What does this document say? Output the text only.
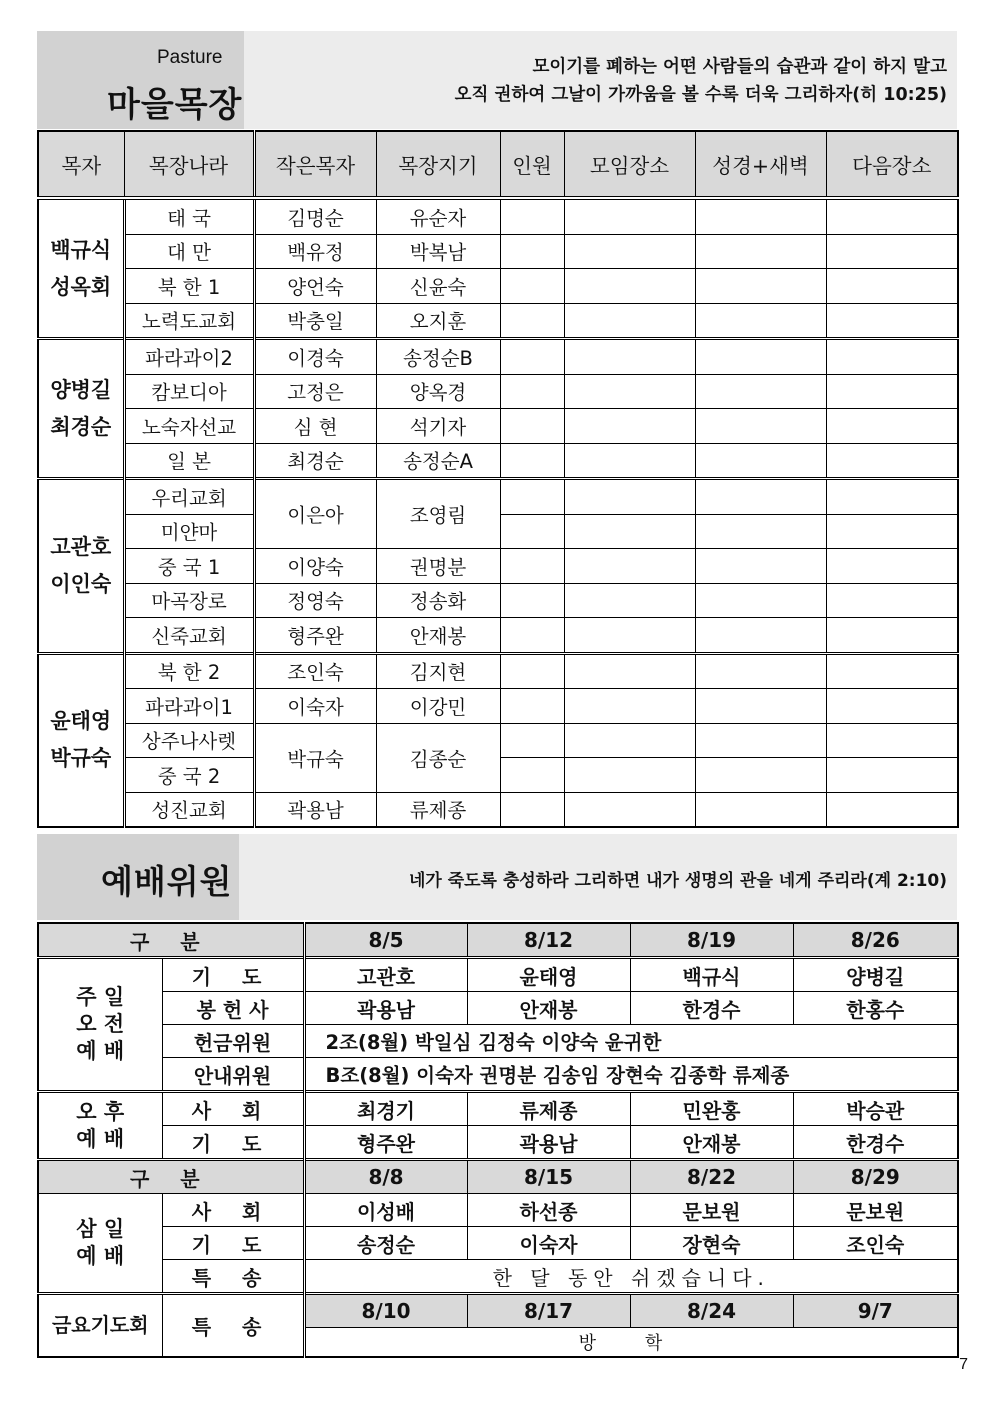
Pasture
마을목장
모이기를 폐하는 어떤 사람들의 습관과 같이 하지 말고
오직 권하여 그날이 가까움을 볼 수록 더욱 그리하자(히 10:25)
목자	목장나라	작은목자	목장지기	인원	모임장소	성경+새벽	다음장소

백규식
성옥회	태 국	김명순	유순자				
	대 만	백유정	박복남				
	북 한 1	양언숙	신윤숙				
	노력도교회	박충일	오지훈				

양병길
최경순	파라과이2	이경숙	송정순B				
	캄보디아	고정은	양옥경				
	노숙자선교	심 현	석기자				
	일 본	최경순	송정순A				

고관호
이인숙	우리교회	이은아	조영림				
	미얀마						
	중 국 1	이양숙	권명분				
	마곡장로	정영숙	정송화				
	신죽교회	형주완	안재봉				

윤태영
박규숙	북 한 2	조인숙	김지현				
	파라과이1	이숙자	이강민				
	상주나사렛	박규숙	김종순				
	중 국 2						
	성진교회	곽용남	류제종				
예배위원	네가 죽도록 충성하라 그리하면 내가 생명의 관을 네게 주리라(계 2:10)
구 분		8/5	8/12	8/19	8/26

주 일
오 전
예 배	기 도	고관호	윤태영	백규식	양병길
	봉 헌 사	곽용남	안재봉	한경수	한홍수
	헌금위원	2조(8월) 박일심 김정숙 이양숙 윤귀한			
	안내위원	B조(8월) 이숙자 권명분 김송임 장현숙 김종학 류제종			

오 후
예 배	사 회	최경기	류제종	민완홍	박승관
	기 도	형주완	곽용남	안재봉	한경수
구 분		8/8	8/15	8/22	8/29

삼 일
예 배	사 회	이성배	하선종	문보원	문보원
	기 도	송정순	이숙자	장현숙	조인숙
	특 송	한 달 동안 쉬겠습니다.			
금요기도회	특 송	8/10	8/17	8/24	9/7
		방 학			
7
